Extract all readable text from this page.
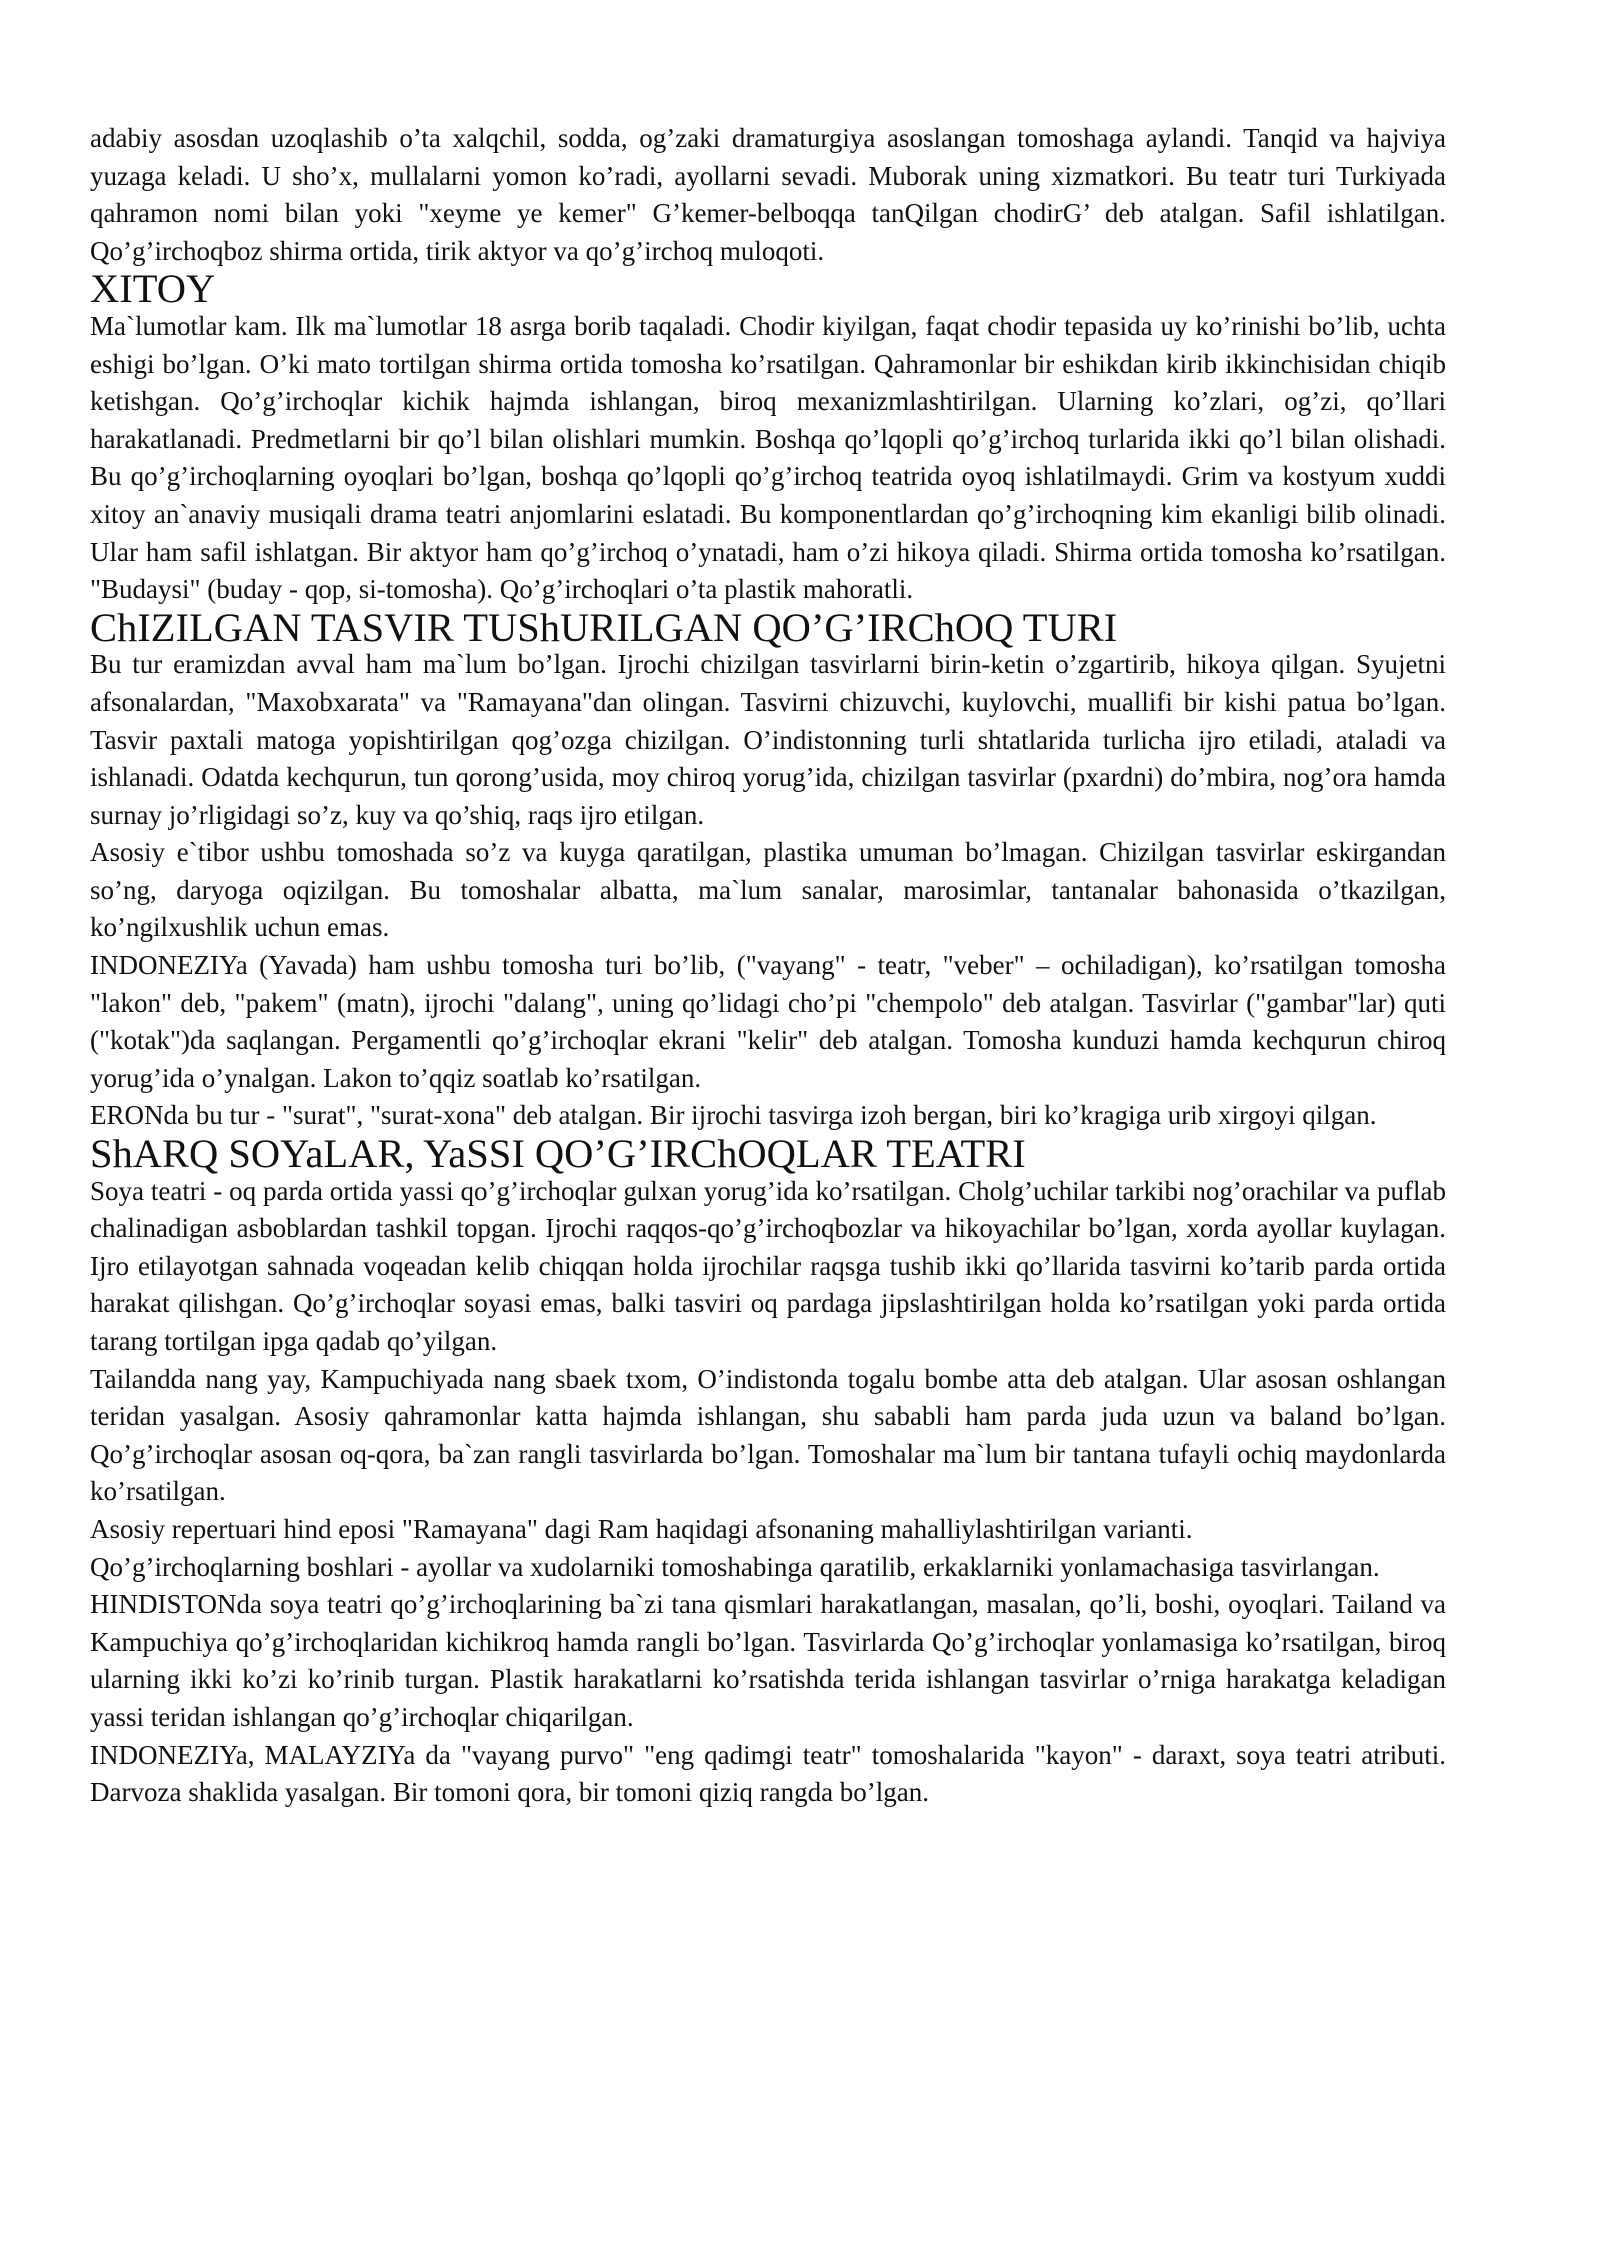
adabiy asosdan uzoqlashib o’ta xalqchil, sodda, og’zaki dramaturgiya asoslangan tomoshaga aylandi. Tanqid va hajviya yuzaga keladi. U sho’x, mullalarni yomon ko’radi, ayollarni sevadi. Muborak uning xizmatkori. Bu teatr turi Turkiyada qahramon nomi bilan yoki "xeyme ye kemer" G’kemer-belboqqa tanQilgan chodirG’ deb atalgan. Safil ishlatilgan. Qo’g’irchoqboz shirma ortida, tirik aktyor va qo’g’irchoq muloqoti.

XITOY

Ma`lumotlar kam. Ilk ma`lumotlar 18 asrga borib taqaladi. Chodir kiyilgan, faqat chodir tepasida uy ko’rinishi bo’lib, uchta eshigi bo’lgan. O’ki mato tortilgan shirma ortida tomosha ko’rsatilgan. Qahramonlar bir eshikdan kirib ikkinchisidan chiqib ketishgan. Qo’g’irchoqlar kichik hajmda ishlangan, biroq mexanizmlashtirilgan. Ularning ko’zlari, og’zi, qo’llari harakatlanadi. Predmetlarni bir qo’l bilan olishlari mumkin. Boshqa qo’lqopli qo’g’irchoq turlarida ikki qo’l bilan olishadi. Bu qo’g’irchoqlarning oyoqlari bo’lgan, boshqa qo’lqopli qo’g’irchoq teatrida oyoq ishlatilmaydi. Grim va kostyum xuddi xitoy an`anaviy musiqali drama teatri anjomlarini eslatadi. Bu komponentlardan qo’g’irchoqning kim ekanligi bilib olinadi. Ular ham safil ishlatgan. Bir aktyor ham qo’g’irchoq o’ynatadi, ham o’zi hikoya qiladi. Shirma ortida tomosha ko’rsatilgan. "Budaysi" (buday - qop, si-tomosha). Qo’g’irchoqlari o’ta plastik mahoratli.

ChIZILGAN TASVIR TUShURILGAN QO’G’IRChOQ TURI

Bu tur eramizdan avval ham ma`lum bo’lgan. Ijrochi chizilgan tasvirlarni birin-ketin o’zgartirib, hikoya qilgan. Syujetni afsonalardan, "Maxobxarata" va "Ramayana"dan olingan. Tasvirni chizuvchi, kuylovchi, muallifi bir kishi patua bo’lgan. Tasvir paxtali matoga yopishtirilgan qog’ozga chizilgan. O’indistonning turli shtatlarida turlicha ijro etiladi, ataladi va ishlanadi. Odatda kechqurun, tun qorong’usida, moy chiroq yorug’ida, chizilgan tasvirlar (pxardni) do’mbira, nog’ora hamda surnay jo’rligidagi so’z, kuy va qo’shiq, raqs ijro etilgan.

Asosiy e`tibor ushbu tomoshada so’z va kuyga qaratilgan, plastika umuman bo’lmagan. Chizilgan tasvirlar eskirgandan so’ng, daryoga oqizilgan. Bu tomoshalar albatta, ma`lum sanalar, marosimlar, tantanalar bahonasida o’tkazilgan, ko’ngilxushlik uchun emas.

INDONEZIYa (Yavada) ham ushbu tomosha turi bo’lib, ("vayang" - teatr, "veber" – ochiladigan), ko’rsatilgan tomosha "lakon" deb, "pakem" (matn), ijrochi "dalang", uning qo’lidagi cho’pi "chempolo" deb atalgan. Tasvirlar ("gambar"lar) quti ("kotak")da saqlangan. Pergamentli qo’g’irchoqlar ekrani "kelir" deb atalgan. Tomosha kunduzi hamda kechqurun chiroq yorug’ida o’ynalgan. Lakon to’qqiz soatlab ko’rsatilgan.

ERONda bu tur - "surat", "surat-xona" deb atalgan. Bir ijrochi tasvirga izoh bergan, biri ko’kragiga urib xirgoyi qilgan.

ShARQ SOYaLAR, YaSSI QO’G’IRChOQLAR TEATRI

Soya teatri - oq parda ortida yassi qo’g’irchoqlar gulxan yorug’ida ko’rsatilgan. Cholg’uchilar tarkibi nog’orachilar va puflab chalinadigan asboblardan tashkil topgan. Ijrochi raqqos-qo’g’irchoqbozlar va hikoyachilar bo’lgan, xorda ayollar kuylagan. Ijro etilayotgan sahnada voqeadan kelib chiqqan holda ijrochilar raqsga tushib ikki qo’llarida tasvirni ko’tarib parda ortida harakat qilishgan. Qo’g’irchoqlar soyasi emas, balki tasviri oq pardaga jipslashtirilgan holda ko’rsatilgan yoki parda ortida tarang tortilgan ipga qadab qo’yilgan.

Tailandda nang yay, Kampuchiyada nang sbaek txom, O’indistonda togalu bombe atta deb atalgan. Ular asosan oshlangan teridan yasalgan. Asosiy qahramonlar katta hajmda ishlangan, shu sababli ham parda juda uzun va baland bo’lgan. Qo’g’irchoqlar asosan oq-qora, ba`zan rangli tasvirlarda bo’lgan. Tomoshalar ma`lum bir tantana tufayli ochiq maydonlarda ko’rsatilgan.

Asosiy repertuari hind eposi "Ramayana" dagi Ram haqidagi afsonaning mahalliylashtirilgan varianti.

Qo’g’irchoqlarning boshlari - ayollar va xudolarniki tomoshabinga qaratilib, erkaklarniki yonlamachasiga tasvirlangan.

HINDISTONda soya teatri qo’g’irchoqlarining ba`zi tana qismlari harakatlangan, masalan, qo’li, boshi, oyoqlari. Tailand va Kampuchiya qo’g’irchoqlaridan kichikroq hamda rangli bo’lgan. Tasvirlarda Qo’g’irchoqlar yonlamasiga ko’rsatilgan, biroq ularning ikki ko’zi ko’rinib turgan. Plastik harakatlarni ko’rsatishda terida ishlangan tasvirlar o’rniga harakatga keladigan yassi teridan ishlangan qo’g’irchoqlar chiqarilgan.

INDONEZIYa, MALAYZIYa da "vayang purvo" "eng qadimgi teatr" tomoshalarida "kayon" - daraxt, soya teatri atributi. Darvoza shaklida yasalgan. Bir tomoni qora, bir tomoni qiziq rangda bo’lgan.
